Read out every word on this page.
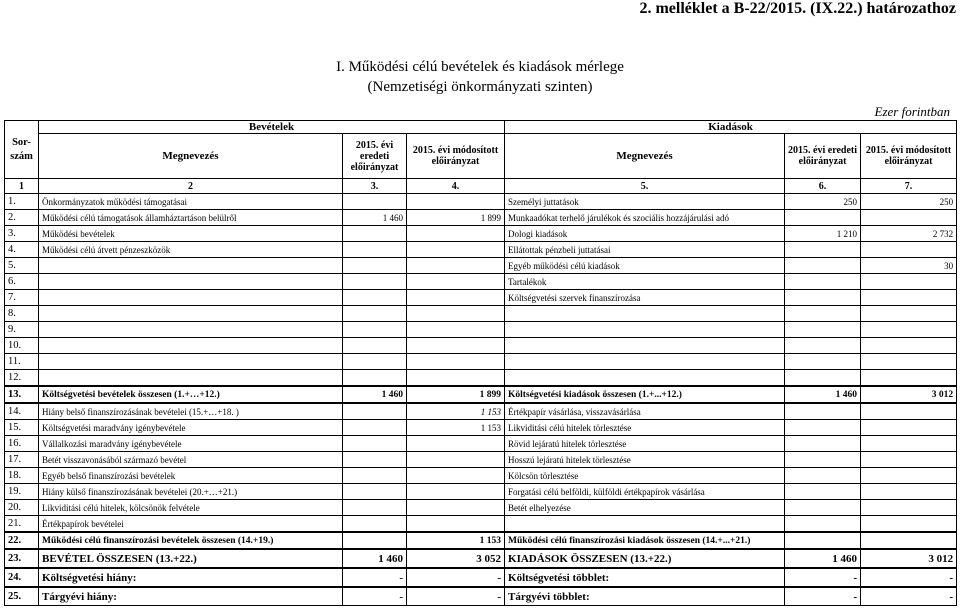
2. melléklet a B-22/2015. (IX.22.) határozathoz
I. Működési célú bevételek és kiadások mérlege
(Nemzetiségi önkormányzati szinten)
Ezer forintban
Sor-szám	Bevételek			Kiadások		
	Megnevezés	2015. évi eredeti előirányzat	2015. évi módosított előirányzat	Megnevezés	2015. évi eredeti előirányzat	2015. évi módosított előirányzat
1	2	3.	4.	5.	6.	7.
1.	Önkormányzatok működési támogatásai			Személyi juttatások	250	250
2.	Működési célú támogatások államháztartáson belülről	1 460	1 899	Munkaadókat terhelő járulékok és szociális hozzájárulási adó		
3.	Működési bevételek			Dologi kiadások	1 210	2 732
4.	Működési célú átvett pénzeszközök			Ellátottak pénzbeli juttatásai		
5.				Egyéb működési célú kiadások		30
6.				Tartalékok		
7.				Költségvetési szervek finanszírozása		
8.						
9.						
10.						
11.						
12.						
13.	Költségvetési bevételek összesen (1.+…+12.)	1 460	1 899	Költségvetési kiadások összesen (1.+...+12.)	1 460	3 012
14.	Hiány belső finanszírozásának bevételei (15.+…+18. )		1 153	Értékpapír vásárlása, visszavásárlása		
15.	Költségvetési maradvány igénybevétele		1 153	Likviditási célú hitelek törlesztése		
16.	Vállalkozási maradvány igénybevétele			Rövid lejáratú hitelek törlesztése		
17.	Betét visszavonásából származó bevétel			Hosszú lejáratú hitelek törlesztése		
18.	Egyéb belső finanszírozási bevételek			Kölcsön törlesztése		
19.	Hiány külső finanszírozásának bevételei (20.+…+21.)			Forgatási célú belföldi, külföldi értékpapírok vásárlása		
20.	Likviditási célú hitelek, kölcsönök felvétele			Betét elhelyezése		
21.	Értékpapírok bevételei					
22.	Működési célú finanszírozási bevételek összesen (14.+19.)		1 153	Működési célú finanszírozási kiadások összesen (14.+...+21.)		
23.	BEVÉTEL ÖSSZESEN (13.+22.)	1 460	3 052	KIADÁSOK ÖSSZESEN (13.+22.)	1 460	3 012
24.	Költségvetési hiány:	-	-	Költségvetési többlet:	-	-
25.	Tárgyévi hiány:	-	-	Tárgyévi többlet:	-	-
